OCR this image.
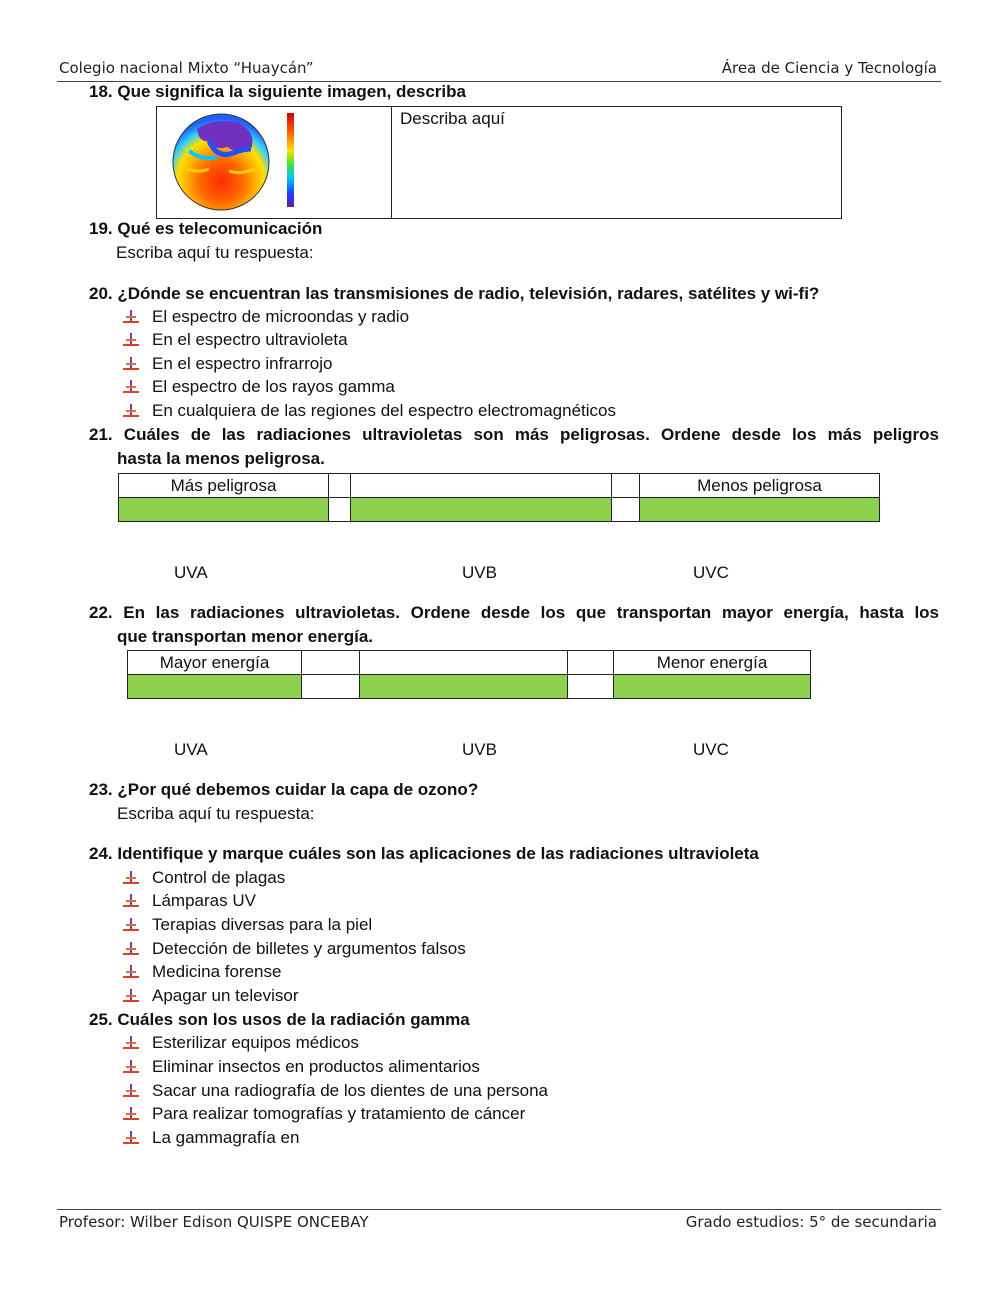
Colegio nacional Mixto “Huaycán”	Área de Ciencia y Tecnología
18. Que significa la siguiente imagen, describa
Describa aquí
19. Qué es telecomunicación
Escriba aquí tu respuesta:
20. ¿Dónde se encuentran las transmisiones de radio, televisión, radares, satélites y wi-fi?
El espectro de microondas y radio
En el espectro ultravioleta
En el espectro infrarrojo
El espectro de los rayos gamma
En cualquiera de las regiones del espectro electromagnéticos
21. Cuáles de las radiaciones ultravioletas son más peligrosas. Ordene desde los más peligros
hasta la menos peligrosa.
Más peligrosa				Menos peligrosa

UVA	UVB	UVC
22. En las radiaciones ultravioletas. Ordene desde los que transportan mayor energía, hasta los
que transportan menor energía.
Mayor energía				Menor energía

UVA	UVB	UVC
23. ¿Por qué debemos cuidar la capa de ozono?
Escriba aquí tu respuesta:
24. Identifique y marque cuáles son las aplicaciones de las radiaciones ultravioleta
Control de plagas
Lámparas UV
Terapias diversas para la piel
Detección de billetes y argumentos falsos
Medicina forense
Apagar un televisor
25. Cuáles son los usos de la radiación gamma
Esterilizar equipos médicos
Eliminar insectos en productos alimentarios
Sacar una radiografía de los dientes de una persona
Para realizar tomografías y tratamiento de cáncer
La gammagrafía en
Profesor: Wilber Edison QUISPE ONCEBAY	Grado estudios: 5° de secundaria
